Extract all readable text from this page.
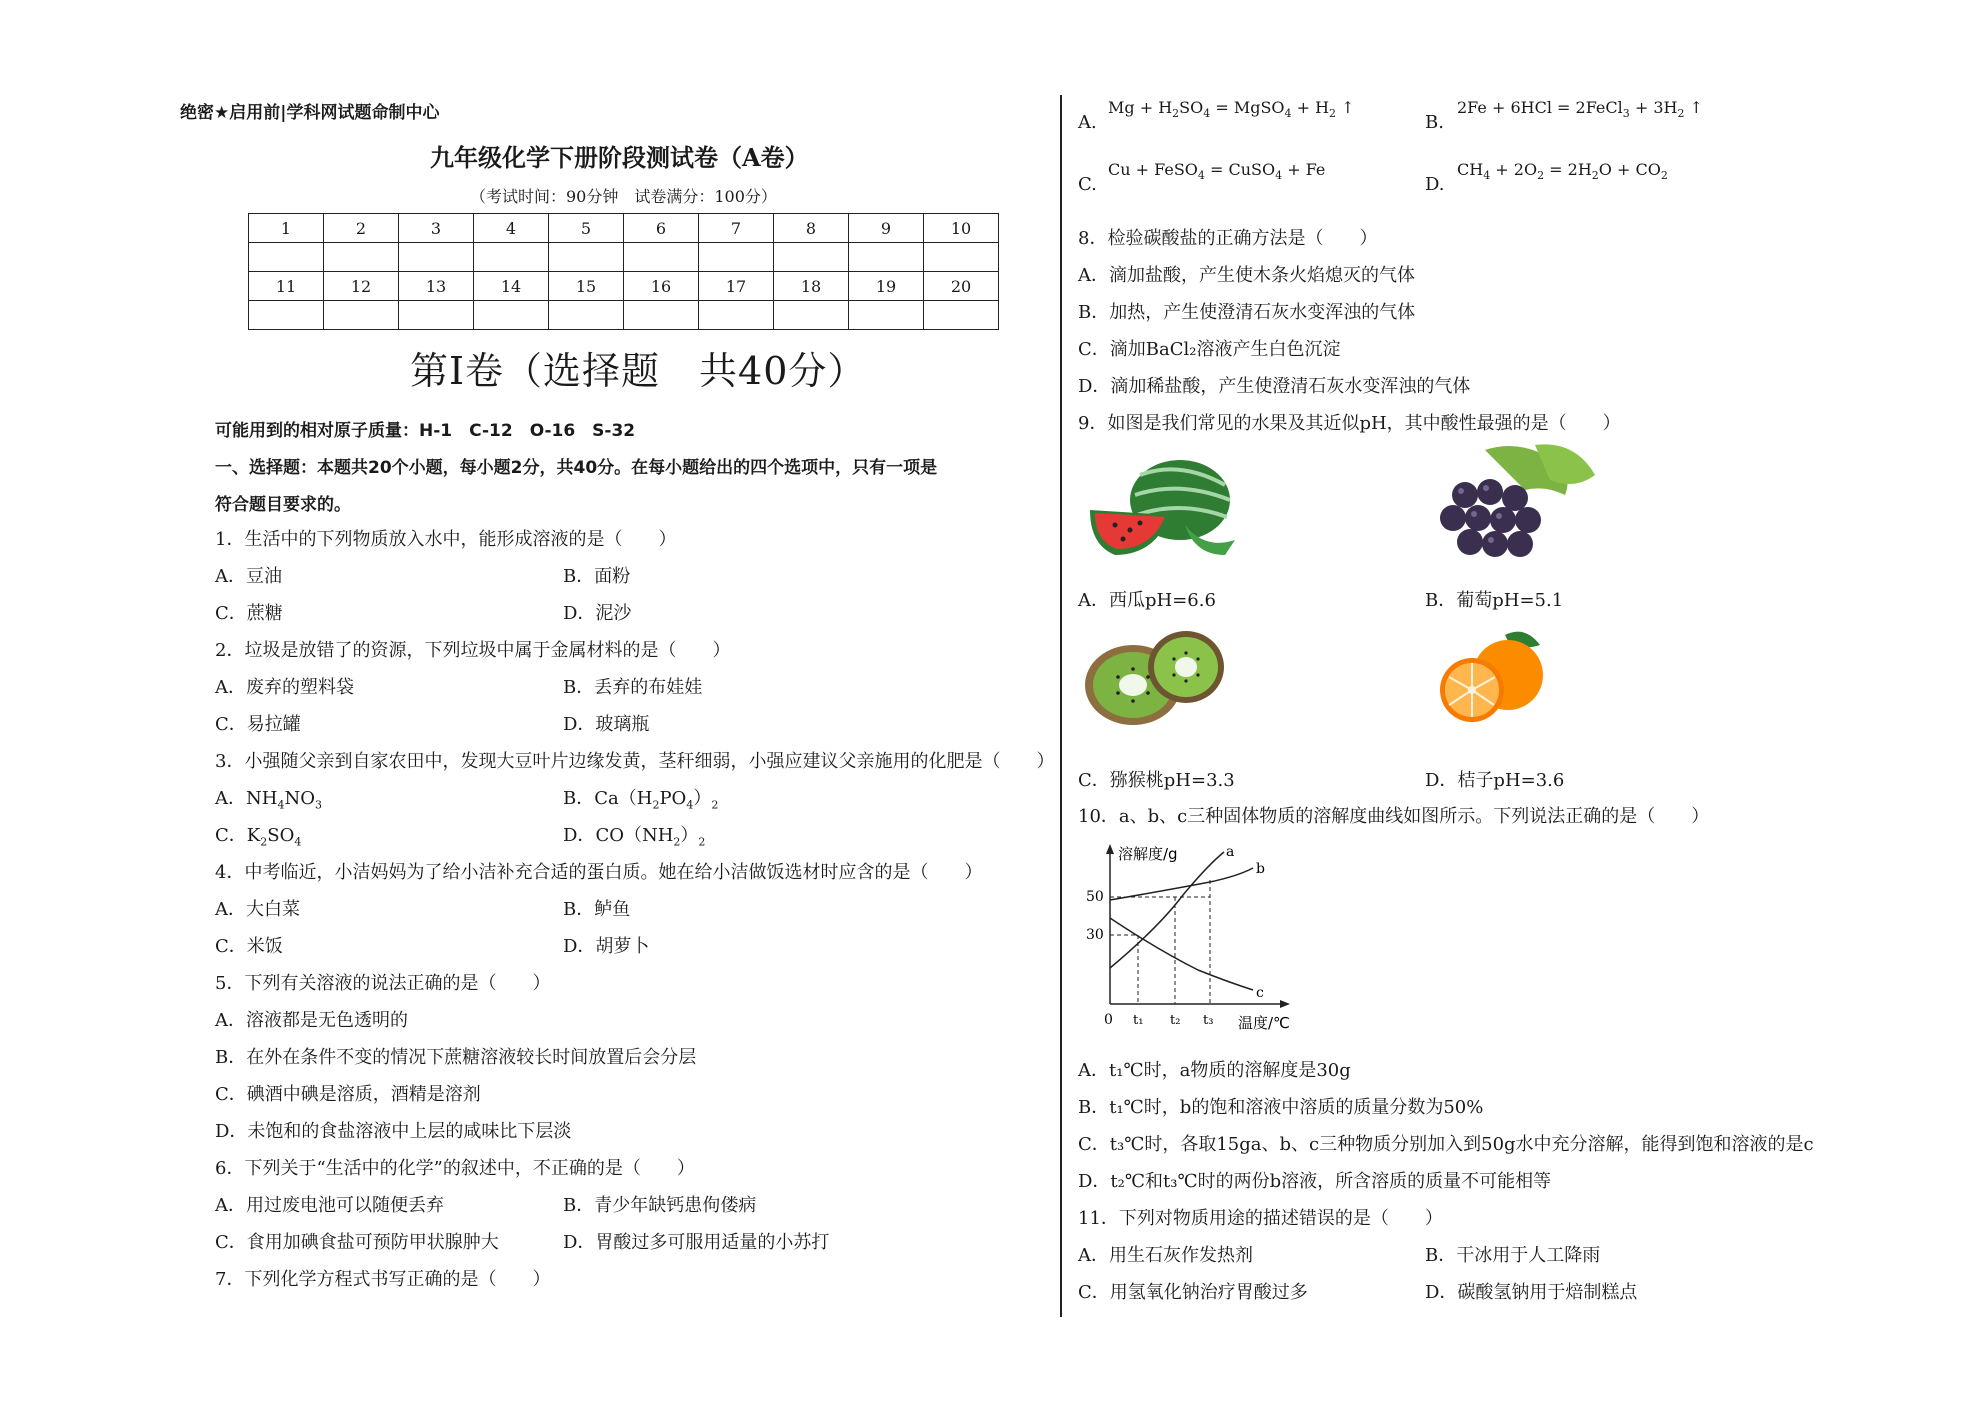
绝密★启用前|学科网试题命制中心
九年级化学下册阶段测试卷（A卷）
（考试时间：90分钟　试卷满分：100分）
1	2	3	4	5	6	7	8	9	10

11	12	13	14	15	16	17	18	19	20

第Ⅰ卷（选择题　共40分）
可能用到的相对原子质量：H-1　C-12　O-16　S-32
一、选择题：本题共20个小题，每小题2分，共40分。在每小题给出的四个选项中，只有一项是
符合题目要求的。
1．生活中的下列物质放入水中，能形成溶液的是（　　）
A．豆油	B．面粉
C．蔗糖	D．泥沙
2．垃圾是放错了的资源，下列垃圾中属于金属材料的是（　　）
A．废弃的塑料袋	B．丢弃的布娃娃
C．易拉罐	D．玻璃瓶
3．小强随父亲到自家农田中，发现大豆叶片边缘发黄，茎秆细弱，小强应建议父亲施用的化肥是（　　）
A．$NH_4NO_3$	B．$Ca(H_2PO_4)_2$
C．$K_2SO_4$	D．$CO(NH_2)_2$
4．中考临近，小洁妈妈为了给小洁补充合适的蛋白质。她在给小洁做饭选材时应含的是（　　）
A．大白菜	B．鲈鱼
C．米饭	D．胡萝卜
5．下列有关溶液的说法正确的是（　　）
A．溶液都是无色透明的
B．在外在条件不变的情况下蔗糖溶液较长时间放置后会分层
C．碘酒中碘是溶质，酒精是溶剂
D．未饱和的食盐溶液中上层的咸味比下层淡
6．下列关于“生活中的化学”的叙述中，不正确的是（　　）
A．用过废电池可以随便丢弃	B．青少年缺钙患佝偻病
C．食用加碘食盐可预防甲状腺肿大	D．胃酸过多可服用适量的小苏打
7．下列化学方程式书写正确的是（　　）
A.
$Mg + H_2SO_4$ = MgSO$_4$ + $H_2$ ↑
B.
2Fe + 6HCl = 2FeCl$_3$ + $3H_2$ ↑
C.
Cu + FeSO$_4$ = CuSO$_4$ + Fe
D.
$CH_4 + 2O_2 = 2H_2O + CO_2$
8．检验碳酸盐的正确方法是（　　）
A．滴加盐酸，产生使木条火焰熄灭的气体
B．加热，产生使澄清石灰水变浑浊的气体
C．滴加BaCl₂溶液产生白色沉淀
D．滴加稀盐酸，产生使澄清石灰水变浑浊的气体
9．如图是我们常见的水果及其近似pH，其中酸性最强的是（　　）
A．西瓜pH=6.6	B．葡萄pH=5.1
C．猕猴桃pH=3.3	D．桔子pH=3.6
10．a、b、c三种固体物质的溶解度曲线如图所示。下列说法正确的是（　　）
溶解度/g
温度/℃
50
30
0 t₁ t₂ t₃
a
b
c
A．t₁℃时，a物质的溶解度是30g
B．t₁℃时，b的饱和溶液中溶质的质量分数为50%
C．t₃℃时，各取15ga、b、c三种物质分别加入到50g水中充分溶解，能得到饱和溶液的是c
D．t₂℃和t₃℃时的两份b溶液，所含溶质的质量不可能相等
11．下列对物质用途的描述错误的是（　　）
A．用生石灰作发热剂	B．干冰用于人工降雨
C．用氢氧化钠治疗胃酸过多	D．碳酸氢钠用于焙制糕点
